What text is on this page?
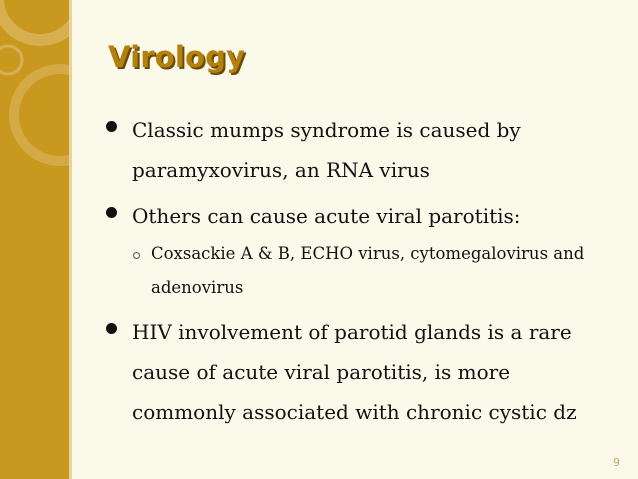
Virology
Classic mumps syndrome is caused by paramyxovirus, an RNA virus
Others can cause acute viral parotitis:
Coxsackie A & B, ECHO virus, cytomegalovirus and adenovirus
HIV involvement of parotid glands is a rare cause of acute viral parotitis, is more commonly associated with chronic cystic dz
9
